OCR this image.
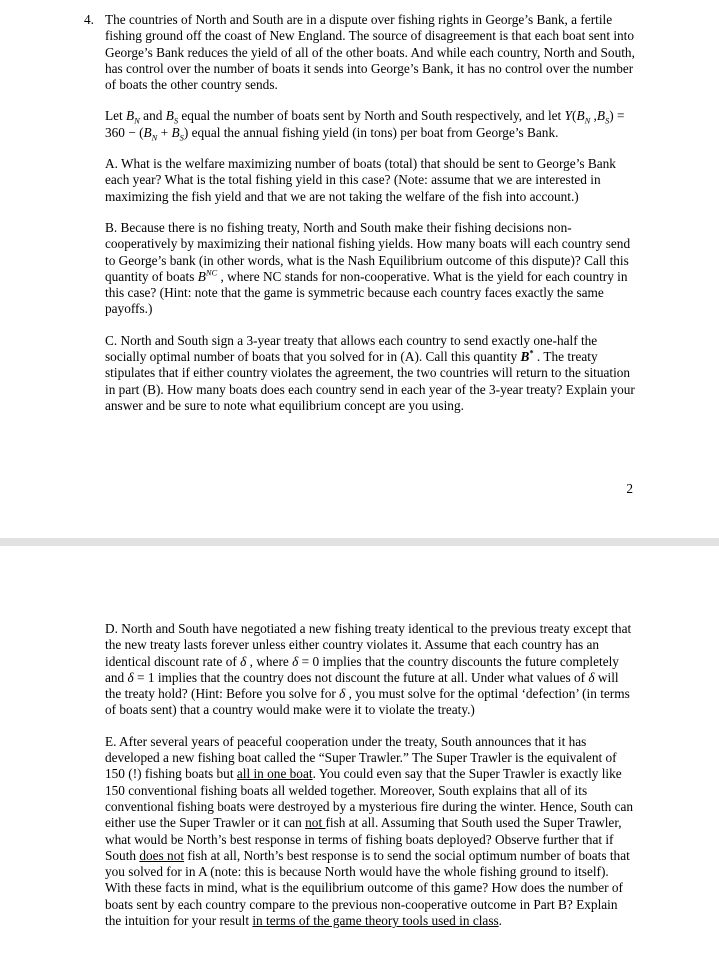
4. The countries of North and South are in a dispute over fishing rights in George’s Bank, a fertile fishing ground off the coast of New England. The source of disagreement is that each boat sent into George’s Bank reduces the yield of all of the other boats. And while each country, North and South, has control over the number of boats it sends into George’s Bank, it has no control over the number of boats the other country sends.

Let $B_N$ and $B_S$ equal the number of boats sent by North and South respectively, and let $Y(B_N$ $,B_S) = 360 - (B_N + B_S)$ equal the annual fishing yield (in tons) per boat from George’s Bank.

A. What is the welfare maximizing number of boats (total) that should be sent to George’s Bank each year? What is the total fishing yield in this case? (Note: assume that we are interested in maximizing the fish yield and that we are not taking the welfare of the fish into account.)

B. Because there is no fishing treaty, North and South make their fishing decisions non-cooperatively by maximizing their national fishing yields. How many boats will each country send to George’s bank (in other words, what is the Nash Equilibrium outcome of this dispute)? Call this quantity of boats $B^{NC}$ , where NC stands for non-cooperative. What is the yield for each country in this case? (Hint: note that the game is symmetric because each country faces exactly the same payoffs.)

C. North and South sign a 3-year treaty that allows each country to send exactly one-half the socially optimal number of boats that you solved for in (A). Call this quantity B* . The treaty stipulates that if either country violates the agreement, the two countries will return to the situation in part (B). How many boats does each country send in each year of the 3-year treaty? Explain your answer and be sure to note what equilibrium concept are you using.

2

D. North and South have negotiated a new fishing treaty identical to the previous treaty except that the new treaty lasts forever unless either country violates it. Assume that each country has an identical discount rate of δ , where δ = 0 implies that the country discounts the future completely and δ = 1 implies that the country does not discount the future at all. Under what values of δ will the treaty hold? (Hint: Before you solve for δ , you must solve for the optimal ‘defection’ (in terms of boats sent) that a country would make were it to violate the treaty.)

E. After several years of peaceful cooperation under the treaty, South announces that it has developed a new fishing boat called the “Super Trawler.” The Super Trawler is the equivalent of 150 (!) fishing boats but all in one boat. You could even say that the Super Trawler is exactly like 150 conventional fishing boats all welded together. Moreover, South explains that all of its conventional fishing boats were destroyed by a mysterious fire during the winter. Hence, South can either use the Super Trawler or it can not fish at all. Assuming that South used the Super Trawler, what would be North’s best response in terms of fishing boats deployed? Observe further that if South does not fish at all, North’s best response is to send the social optimum number of boats that you solved for in A (note: this is because North would have the whole fishing ground to itself). With these facts in mind, what is the equilibrium outcome of this game? How does the number of boats sent by each country compare to the previous non-cooperative outcome in Part B? Explain the intuition for your result in terms of the game theory tools used in class.
